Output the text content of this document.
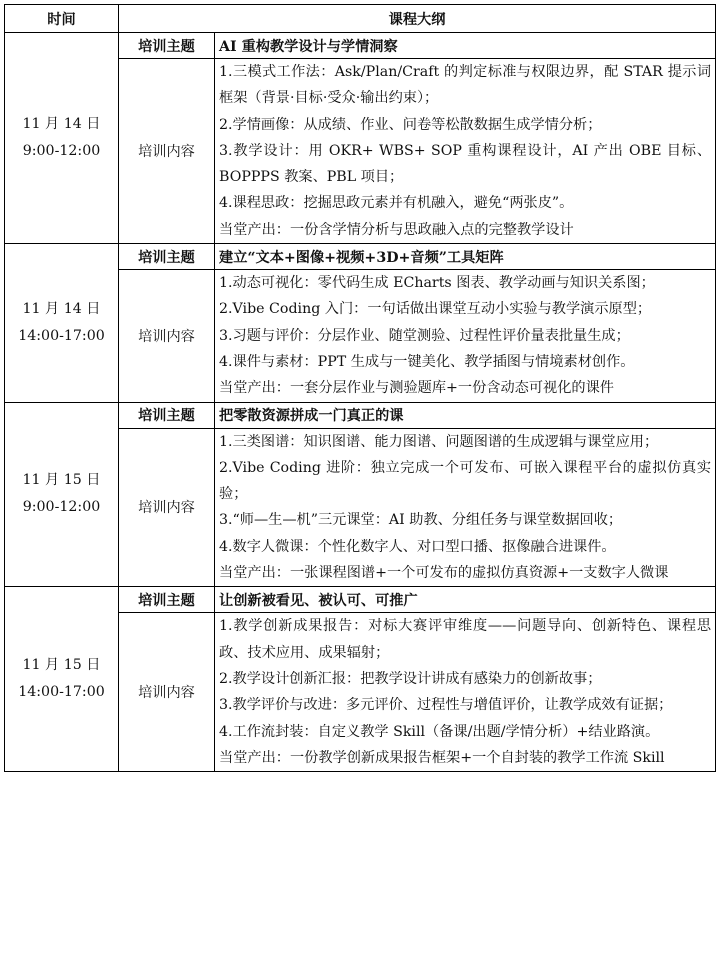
时间	课程大纲	

11 月 14 日
9:00-12:00	培训主题	AI 重构教学设计与学情洞察
	培训内容	1.三模式工作法：Ask/Plan/Craft 的判定标准与权限边界，配 STAR 提示词框架（背景·目标·受众·输出约束）；
2.学情画像：从成绩、作业、问卷等松散数据生成学情分析；
3.教学设计：用 OKR+ WBS+ SOP 重构课程设计，AI 产出 OBE 目标、BOPPPS 教案、PBL 项目；
4.课程思政：挖掘思政元素并有机融入，避免“两张皮”。
当堂产出：一份含学情分析与思政融入点的完整教学设计

11 月 14 日
14:00-17:00	培训主题	建立“文本+图像+视频+3D+音频”工具矩阵
	培训内容	1.动态可视化：零代码生成 ECharts 图表、教学动画与知识关系图；
2.Vibe Coding 入门：一句话做出课堂互动小实验与教学演示原型；
3.习题与评价：分层作业、随堂测验、过程性评价量表批量生成；
4.课件与素材：PPT 生成与一键美化、教学插图与情境素材创作。
当堂产出：一套分层作业与测验题库+一份含动态可视化的课件

11 月 15 日
9:00-12:00	培训主题	把零散资源拼成一门真正的课
	培训内容	1.三类图谱：知识图谱、能力图谱、问题图谱的生成逻辑与课堂应用；
2.Vibe Coding 进阶：独立完成一个可发布、可嵌入课程平台的虚拟仿真实验；
3.“师—生—机”三元课堂：AI 助教、分组任务与课堂数据回收；
4.数字人微课：个性化数字人、对口型口播、抠像融合进课件。
当堂产出：一张课程图谱+一个可发布的虚拟仿真资源+一支数字人微课

11 月 15 日
14:00-17:00	培训主题	让创新被看见、被认可、可推广
	培训内容	1.教学创新成果报告：对标大赛评审维度——问题导向、创新特色、课程思政、技术应用、成果辐射；
2.教学设计创新汇报：把教学设计讲成有感染力的创新故事；
3.教学评价与改进：多元评价、过程性与增值评价，让教学成效有证据；
4.工作流封装：自定义教学 Skill（备课/出题/学情分析）+结业路演。
当堂产出：一份教学创新成果报告框架+一个自封装的教学工作流 Skill
